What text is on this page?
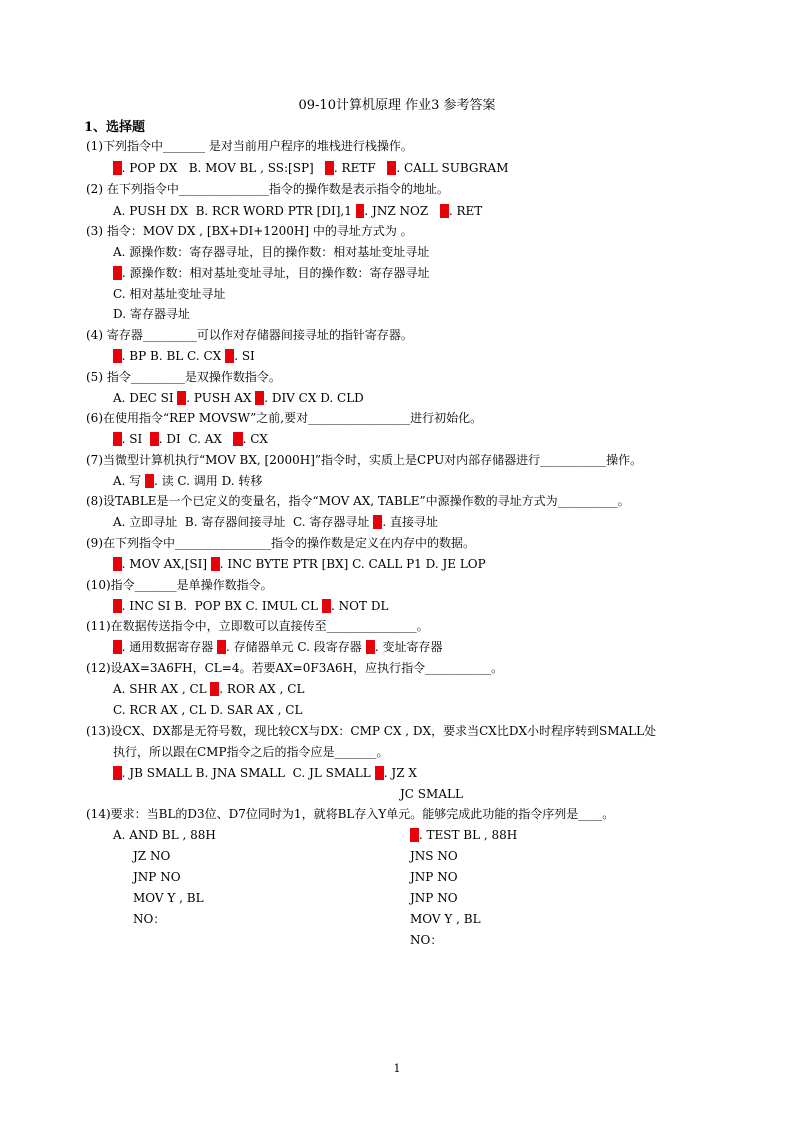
09-10计算机原理 作业3 参考答案
1、选择题
(1)下列指令中_______ 是对当前用户程序的堆栈进行栈操作。
A. POP DX   B. MOV BL , SS:[SP]   C. RETF   D. CALL SUBGRAM
(2) 在下列指令中_______________指令的操作数是表示指令的地址。
A. PUSH DX  B. RCR WORD PTR [DI],1 C. JNZ NOZ   D. RET
(3) 指令：MOV DX , [BX+DI+1200H] 中的寻址方式为 。
A. 源操作数：寄存器寻址，目的操作数：相对基址变址寻址
B. 源操作数：相对基址变址寻址，目的操作数：寄存器寻址
C. 相对基址变址寻址
D. 寄存器寻址
(4) 寄存器_________可以作对存储器间接寻址的指针寄存器。
A. BP B. BL C. CX D. SI
(5) 指令_________是双操作数指令。
A. DEC SI B. PUSH AX C. DIV CX D. CLD
(6)在使用指令“REP MOVSW”之前,要对_________________进行初始化。
A. SI  B. DI  C. AX   D. CX
(7)当微型计算机执行“MOV BX, [2000H]”指令时，实质上是CPU对内部存储器进行___________操作。
A. 写 B. 读 C. 调用 D. 转移
(8)设TABLE是一个已定义的变量名，指令“MOV AX, TABLE”中源操作数的寻址方式为__________。
A. 立即寻址  B. 寄存器间接寻址  C. 寄存器寻址 D. 直接寻址
(9)在下列指令中________________指令的操作数是定义在内存中的数据。
A. MOV AX,[SI] B. INC BYTE PTR [BX] C. CALL P1 D. JE LOP
(10)指令_______是单操作数指令。
A. INC SI B.  POP BX C. IMUL CL D. NOT DL
(11)在数据传送指令中，立即数可以直接传至_______________。
A. 通用数据寄存器 B. 存储器单元 C. 段寄存器 D. 变址寄存器
(12)设AX=3A6FH，CL=4。若要AX=0F3A6H，应执行指令___________。
A. SHR AX , CL B. ROR AX , CL
C. RCR AX , CL D. SAR AX , CL
(13)设CX、DX都是无符号数，现比较CX与DX：CMP CX , DX，要求当CX比DX小时程序转到SMALL处
执行，所以跟在CMP指令之后的指令应是_______。
A. JB SMALL B. JNA SMALL  C. JL SMALL D. JZ X
JC SMALL
(14)要求：当BL的D3位、D7位同时为1，就将BL存入Y单元。能够完成此功能的指令序列是____。
A. AND BL , 88H
JZ NO
JNP NO
MOV Y , BL
NO：
B. TEST BL , 88H
JNS NO
JNP NO
JNP NO
MOV Y , BL
NO：
1
